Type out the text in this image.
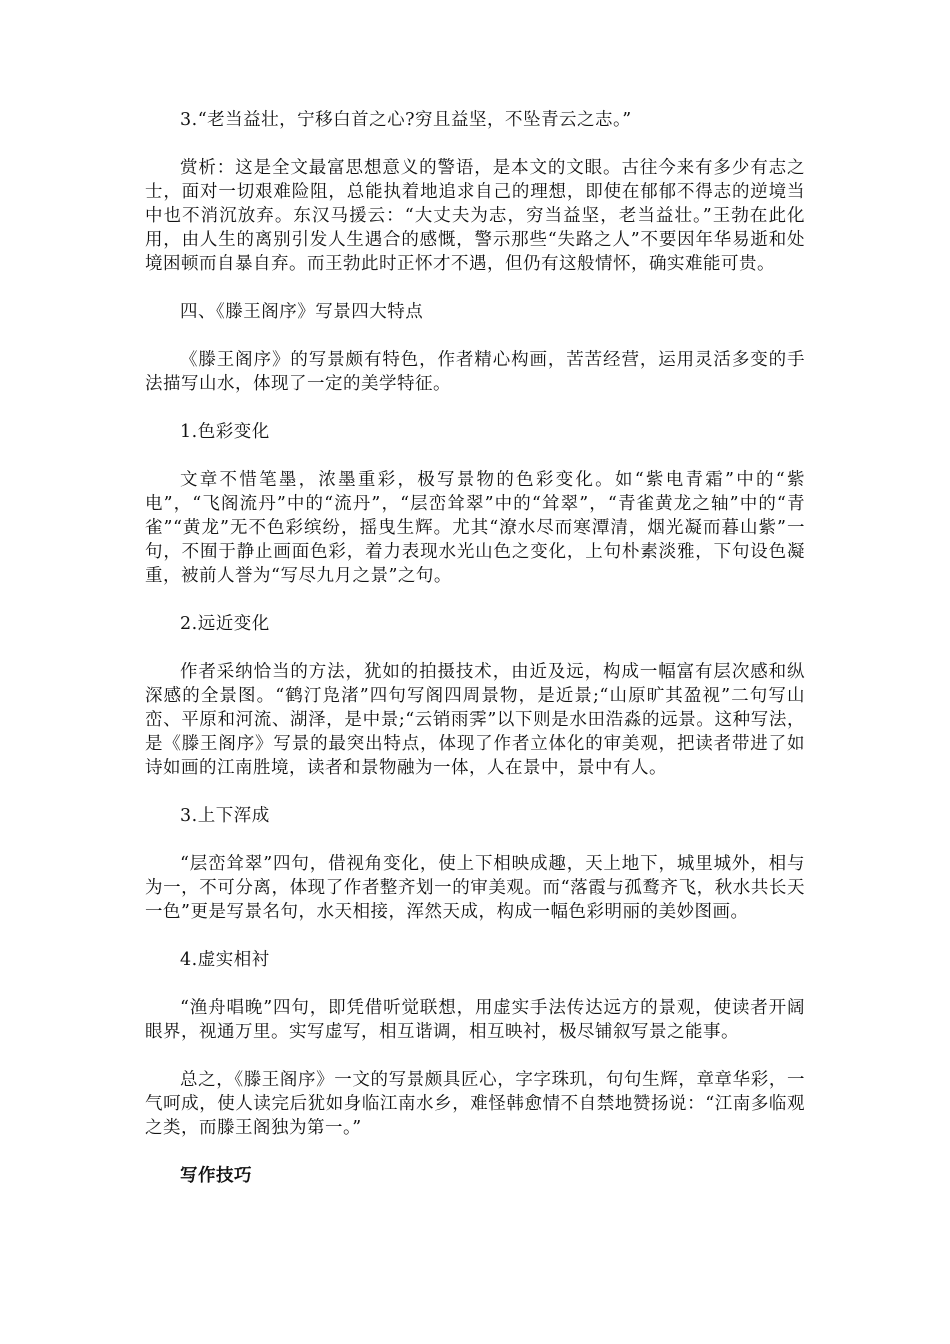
3.“老当益壮，宁移白首之心?穷且益坚，不坠青云之志。”

赏析：这是全文最富思想意义的警语，是本文的文眼。古往今来有多少有志之士，面对一切艰难险阻，总能执着地追求自己的理想，即使在郁郁不得志的逆境当中也不消沉放弃。东汉马援云：“大丈夫为志，穷当益坚，老当益壮。”王勃在此化用，由人生的离别引发人生遇合的感慨，警示那些“失路之人”不要因年华易逝和处境困顿而自暴自弃。而王勃此时正怀才不遇，但仍有这般情怀，确实难能可贵。

四、《滕王阁序》写景四大特点

《滕王阁序》的写景颇有特色，作者精心构画，苦苦经营，运用灵活多变的手法描写山水，体现了一定的美学特征。

1.色彩变化

文章不惜笔墨，浓墨重彩，极写景物的色彩变化。如“紫电青霜”中的“紫电”，“飞阁流丹”中的“流丹”，“层峦耸翠”中的“耸翠”，“青雀黄龙之轴”中的“青雀”“黄龙”无不色彩缤纷，摇曳生辉。尤其“潦水尽而寒潭清，烟光凝而暮山紫”一句，不囿于静止画面色彩，着力表现水光山色之变化，上句朴素淡雅，下句设色凝重，被前人誉为“写尽九月之景”之句。

2.远近变化

作者采纳恰当的方法，犹如的拍摄技术，由近及远，构成一幅富有层次感和纵深感的全景图。“鹤汀凫渚”四句写阁四周景物，是近景;“山原旷其盈视”二句写山峦、平原和河流、湖泽，是中景;“云销雨霁”以下则是水田浩淼的远景。这种写法，是《滕王阁序》写景的最突出特点，体现了作者立体化的审美观，把读者带进了如诗如画的江南胜境，读者和景物融为一体，人在景中，景中有人。

3.上下浑成

“层峦耸翠”四句，借视角变化，使上下相映成趣，天上地下，城里城外，相与为一，不可分离，体现了作者整齐划一的审美观。而“落霞与孤鹜齐飞，秋水共长天一色”更是写景名句，水天相接，浑然天成，构成一幅色彩明丽的美妙图画。

4.虚实相衬

“渔舟唱晚”四句，即凭借听觉联想，用虚实手法传达远方的景观，使读者开阔眼界，视通万里。实写虚写，相互谐调，相互映衬，极尽铺叙写景之能事。

总之，《滕王阁序》一文的写景颇具匠心，字字珠玑，句句生辉，章章华彩，一气呵成，使人读完后犹如身临江南水乡，难怪韩愈情不自禁地赞扬说：“江南多临观之类，而滕王阁独为第一。”

写作技巧
